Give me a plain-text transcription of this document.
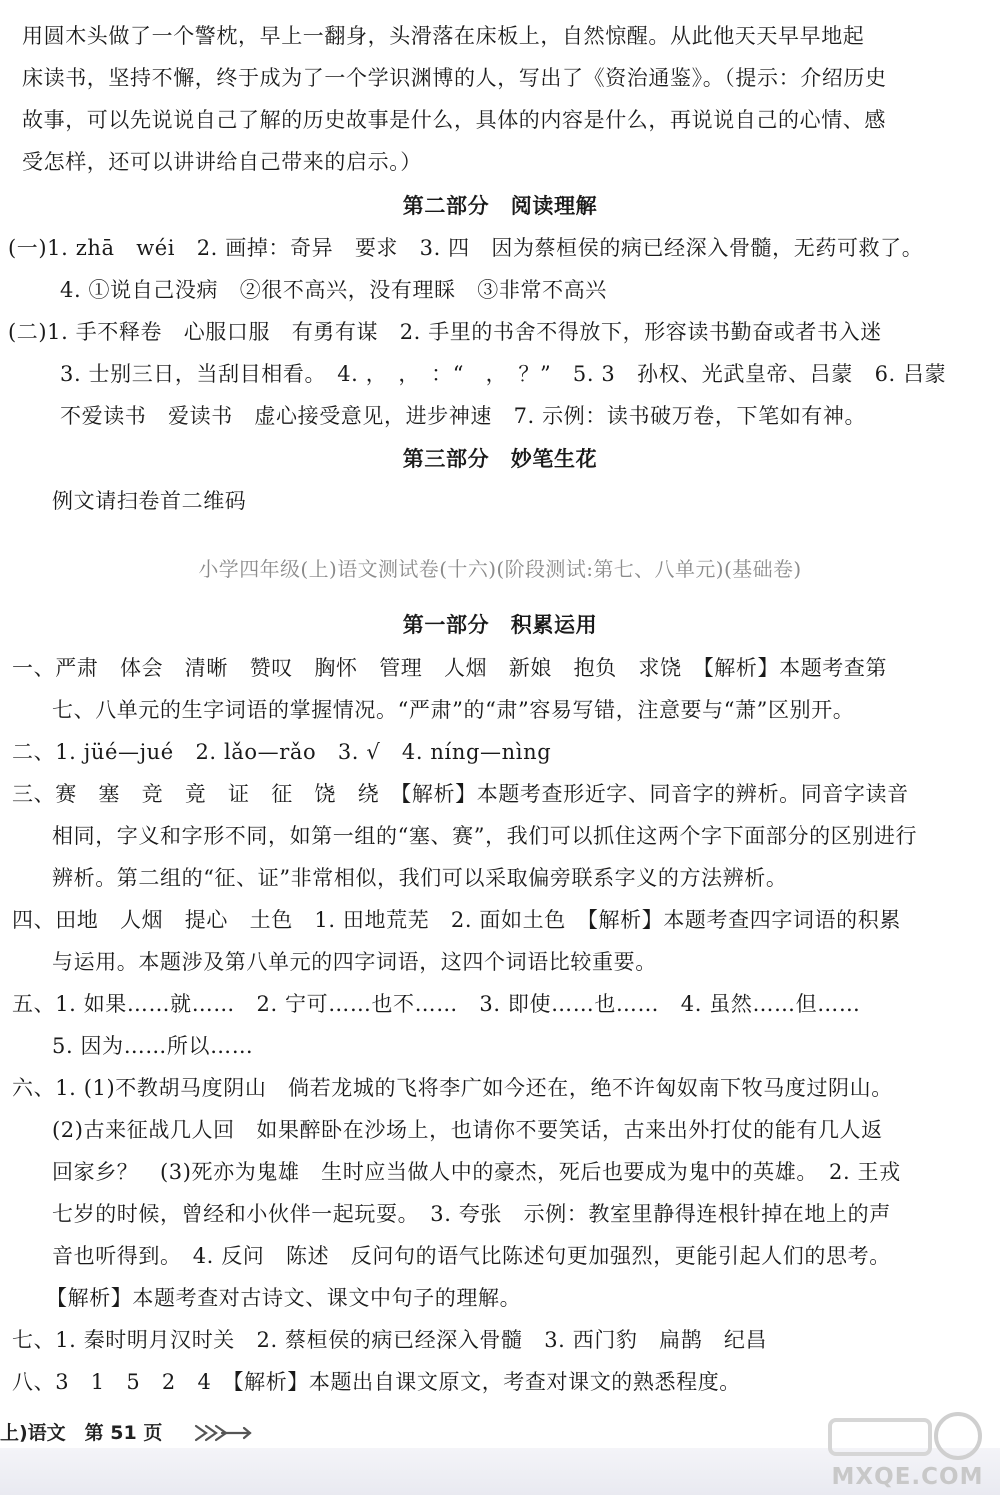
用圆木头做了一个警枕，早上一翻身，头滑落在床板上，自然惊醒。从此他天天早早地起
床读书，坚持不懈，终于成为了一个学识渊博的人，写出了《资治通鉴》。（提示：介绍历史
故事，可以先说说自己了解的历史故事是什么，具体的内容是什么，再说说自己的心情、感
受怎样，还可以讲讲给自己带来的启示。）
第二部分　阅读理解
(一)1. zhā　wéi　2. 画掉：奇异　要求　3. 四　因为蔡桓侯的病已经深入骨髓，无药可救了。
4. ①说自己没病　②很不高兴，没有理睬　③非常不高兴
(二)1. 手不释卷　心服口服　有勇有谋　2. 手里的书舍不得放下，形容读书勤奋或者书入迷
3. 士别三日，当刮目相看。　4. ，　，　：“　，　？”　5. 3　孙权、光武皇帝、吕蒙　6. 吕蒙
不爱读书　爱读书　虚心接受意见，进步神速　7. 示例：读书破万卷，下笔如有神。
第三部分　妙笔生花
例文请扫卷首二维码
小学四年级(上)语文测试卷(十六)(阶段测试:第七、八单元)(基础卷)
第一部分　积累运用
一、严肃　体会　清晰　赞叹　胸怀　管理　人烟　新娘　抱负　求饶　【解析】本题考查第
七、八单元的生字词语的掌握情况。“严肃”的“肃”容易写错，注意要与“萧”区别开。
二、1. jüé—jué　2. lǎo—rǎo　3. √　4. níng—nìng
三、赛　塞　竞　竟　证　征　饶　绕　【解析】本题考查形近字、同音字的辨析。同音字读音
相同，字义和字形不同，如第一组的“塞、赛”，我们可以抓住这两个字下面部分的区别进行
辨析。第二组的“征、证”非常相似，我们可以采取偏旁联系字义的方法辨析。
四、田地　人烟　提心　土色　1. 田地荒芜　2. 面如土色　【解析】本题考查四字词语的积累
与运用。本题涉及第八单元的四字词语，这四个词语比较重要。
五、1. 如果……就……　2. 宁可……也不……　3. 即使……也……　4. 虽然……但……
5. 因为……所以……
六、1. (1)不教胡马度阴山　倘若龙城的飞将李广如今还在，绝不许匈奴南下牧马度过阴山。
(2)古来征战几人回　如果醉卧在沙场上，也请你不要笑话，古来出外打仗的能有几人返
回家乡？　(3)死亦为鬼雄　生时应当做人中的豪杰，死后也要成为鬼中的英雄。　2. 王戎
七岁的时候，曾经和小伙伴一起玩耍。　3. 夸张　示例：教室里静得连根针掉在地上的声
音也听得到。　4. 反问　陈述　反问句的语气比陈述句更加强烈，更能引起人们的思考。
【解析】本题考查对古诗文、课文中句子的理解。
七、1. 秦时明月汉时关　2. 蔡桓侯的病已经深入骨髓　3. 西门豹　扁鹊　纪昌
八、3　1　5　2　4　【解析】本题出自课文原文，考查对课文的熟悉程度。
上)语文　第 51 页
MXQE.COM
